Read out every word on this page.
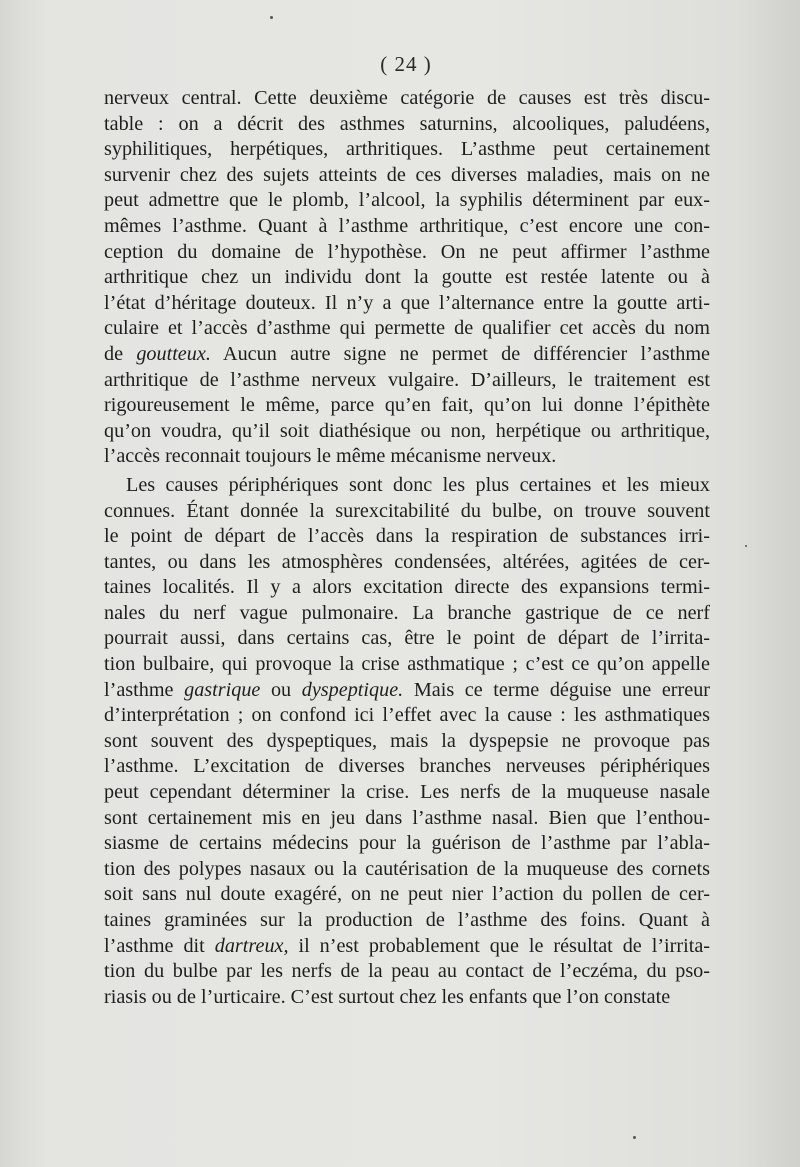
( 24 )
nerveux central. Cette deuxième catégorie de causes est très discu-
table : on a décrit des asthmes saturnins, alcooliques, paludéens,
syphilitiques, herpétiques, arthritiques. L’asthme peut certainement
survenir chez des sujets atteints de ces diverses maladies, mais on ne
peut admettre que le plomb, l’alcool, la syphilis déterminent par eux-
mêmes l’asthme. Quant à l’asthme arthritique, c’est encore une con-
ception du domaine de l’hypothèse. On ne peut affirmer l’asthme
arthritique chez un individu dont la goutte est restée latente ou à
l’état d’héritage douteux. Il n’y a que l’alternance entre la goutte arti-
culaire et l’accès d’asthme qui permette de qualifier cet accès du nom
de goutteux. Aucun autre signe ne permet de différencier l’asthme
arthritique de l’asthme nerveux vulgaire. D’ailleurs, le traitement est
rigoureusement le même, parce qu’en fait, qu’on lui donne l’épithète
qu’on voudra, qu’il soit diathésique ou non, herpétique ou arthritique,
l’accès reconnait toujours le même mécanisme nerveux.
Les causes périphériques sont donc les plus certaines et les mieux
connues. Étant donnée la surexcitabilité du bulbe, on trouve souvent
le point de départ de l’accès dans la respiration de substances irri-
tantes, ou dans les atmosphères condensées, altérées, agitées de cer-
taines localités. Il y a alors excitation directe des expansions termi-
nales du nerf vague pulmonaire. La branche gastrique de ce nerf
pourrait aussi, dans certains cas, être le point de départ de l’irrita-
tion bulbaire, qui provoque la crise asthmatique ; c’est ce qu’on appelle
l’asthme gastrique ou dyspeptique. Mais ce terme déguise une erreur
d’interprétation ; on confond ici l’effet avec la cause : les asthmatiques
sont souvent des dyspeptiques, mais la dyspepsie ne provoque pas
l’asthme. L’excitation de diverses branches nerveuses périphériques
peut cependant déterminer la crise. Les nerfs de la muqueuse nasale
sont certainement mis en jeu dans l’asthme nasal. Bien que l’enthou-
siasme de certains médecins pour la guérison de l’asthme par l’abla-
tion des polypes nasaux ou la cautérisation de la muqueuse des cornets
soit sans nul doute exagéré, on ne peut nier l’action du pollen de cer-
taines graminées sur la production de l’asthme des foins. Quant à
l’asthme dit dartreux, il n’est probablement que le résultat de l’irrita-
tion du bulbe par les nerfs de la peau au contact de l’eczéma, du pso-
riasis ou de l’urticaire. C’est surtout chez les enfants que l’on constate
